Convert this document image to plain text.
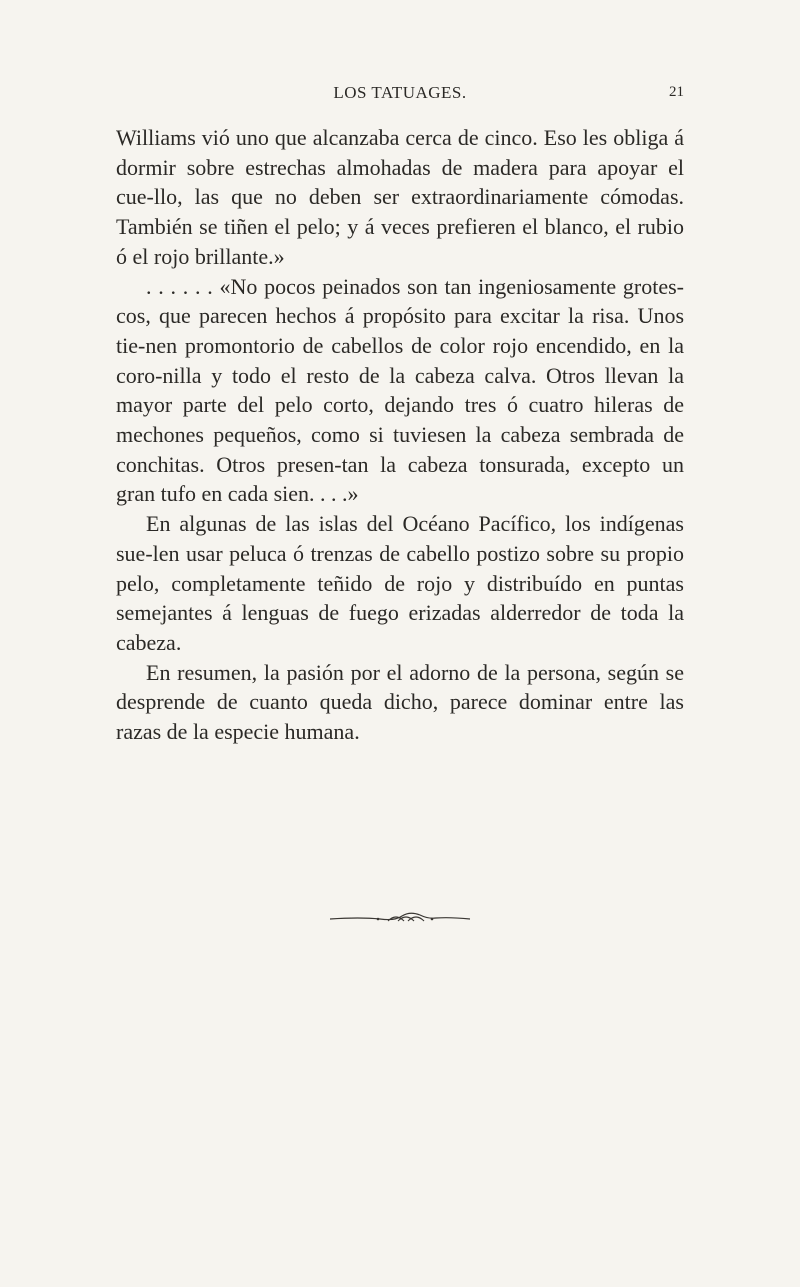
LOS TATUAGES.	21

Williams vió uno que alcanzaba cerca de cinco. Eso les obliga á dormir sobre estrechas almohadas de madera para apoyar el cue-llo, las que no deben ser extraordinariamente cómodas. También se tiñen el pelo; y á veces prefieren el blanco, el rubio ó el rojo brillante.»

. . . . . . «No pocos peinados son tan ingeniosamente grotes-cos, que parecen hechos á propósito para excitar la risa. Unos tie-nen promontorio de cabellos de color rojo encendido, en la coro-nilla y todo el resto de la cabeza calva. Otros llevan la mayor parte del pelo corto, dejando tres ó cuatro hileras de mechones pequeños, como si tuviesen la cabeza sembrada de conchitas. Otros presen-tan la cabeza tonsurada, excepto un gran tufo en cada sien. . . .»

En algunas de las islas del Océano Pacífico, los indígenas sue-len usar peluca ó trenzas de cabello postizo sobre su propio pelo, completamente teñido de rojo y distribuído en puntas semejantes á lenguas de fuego erizadas alderredor de toda la cabeza.

En resumen, la pasión por el adorno de la persona, según se desprende de cuanto queda dicho, parece dominar entre las razas de la especie humana.
